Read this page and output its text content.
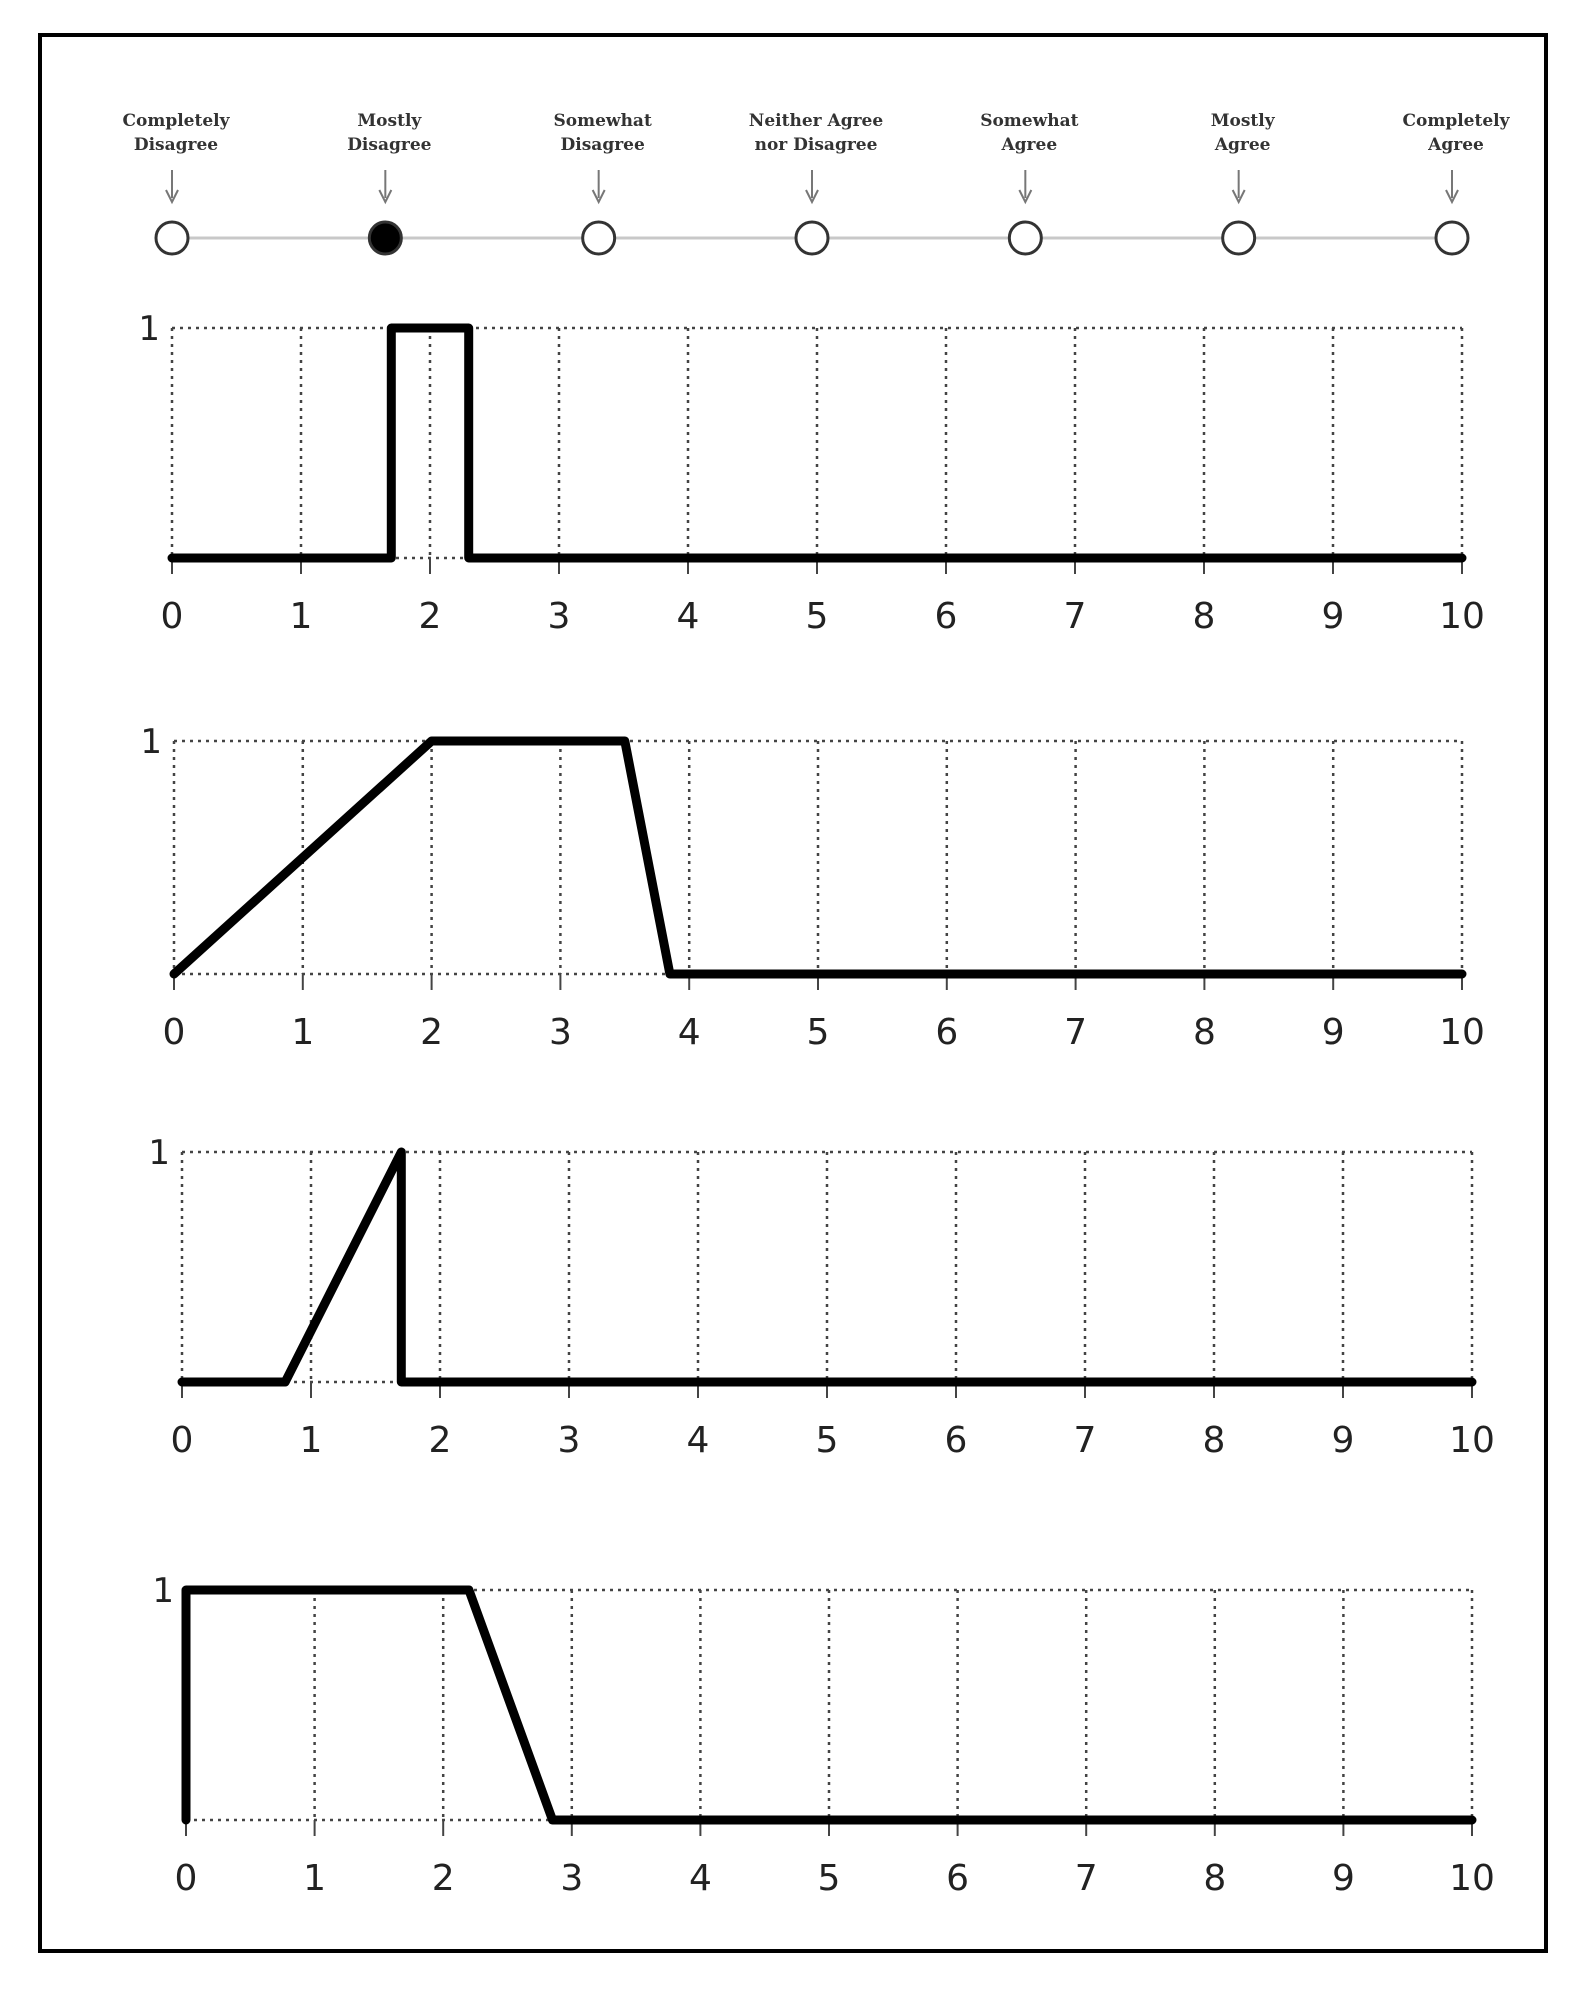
Completely
Disagree
Mostly
Disagree
Somewhat
Disagree
Neither Agree
nor Disagree
Somewhat
Agree
Mostly
Agree
Completely
Agree
0	1	2	3	4	5	6	7	8	9	10
1
0	1	2	3	4	5	6	7	8	9	10
1
0	1	2	3	4	5	6	7	8	9	10
1
0	1	2	3	4	5	6	7	8	9	10
1
